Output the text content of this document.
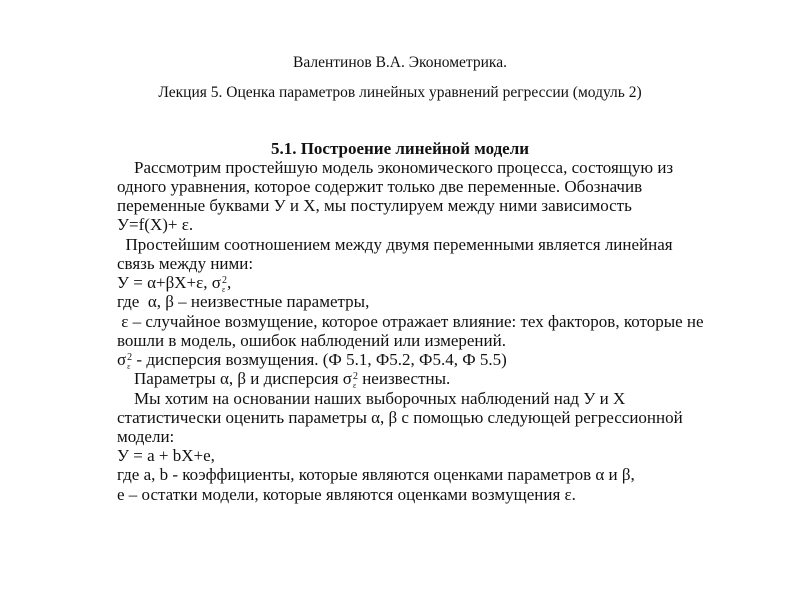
Валентинов В.А. Эконометрика.
Лекция 5. Оценка параметров линейных уравнений регрессии (модуль 2)
5.1. Построение линейной модели
Рассмотрим простейшую модель экономического процесса, состоящую из
одного уравнения, которое содержит только две переменные. Обозначив
переменные буквами У и Х, мы постулируем между ними зависимость
У=f(Х)+ ε.
Простейшим соотношением между двумя переменными является линейная
связь между ними:
У = α+βХ+ε, σ 2
ε ,
где  α, β – неизвестные параметры,
ε – случайное возмущение, которое отражает влияние: тех факторов, которые не
вошли в модель, ошибок наблюдений или измерений.
σ 2
ε - дисперсия возмущения. (Ф 5.1, Ф5.2, Ф5.4, Ф 5.5)
Параметры α, β и дисперсия σ 2
ε неизвестны.
Мы хотим на основании наших выборочных наблюдений над У и Х
статистически оценить параметры α, β с помощью следующей регрессионной
модели:
У = а + bХ+е,
где а, b - коэффициенты, которые являются оценками параметров α и β,
е – остатки модели, которые являются оценками возмущения ε.
